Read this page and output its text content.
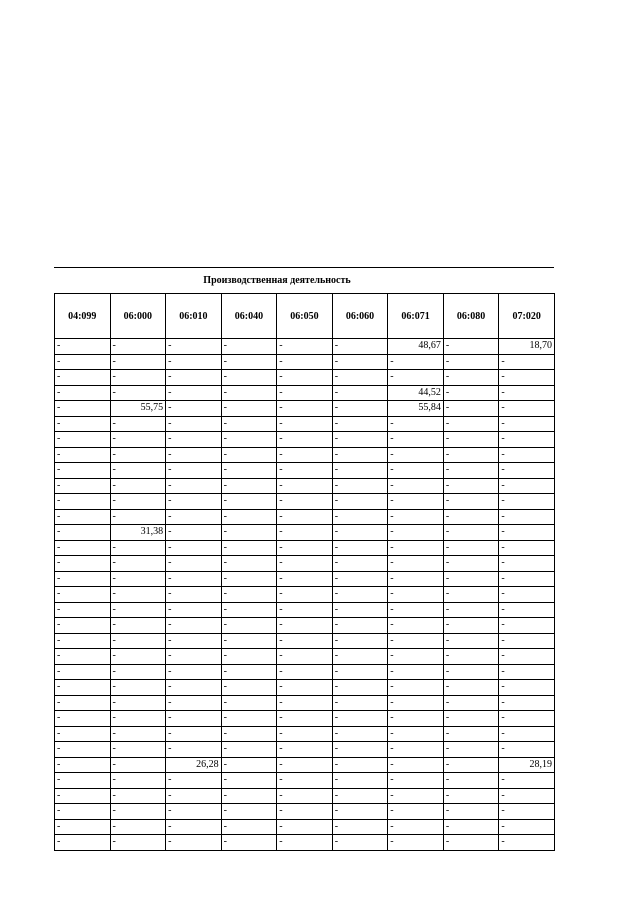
Производственная деятельность
04:099	06:000	06:010	06:040	06:050	06:060	06:071	06:080	07:020
-	-	-	-	-	-	48,67	-	18,70
-	-	-	-	-	-	-	-	-
-	-	-	-	-	-	-	-	-
-	-	-	-	-	-	44,52	-	-
-	55,75	-	-	-	-	55,84	-	-
-	-	-	-	-	-	-	-	-
-	-	-	-	-	-	-	-	-
-	-	-	-	-	-	-	-	-
-	-	-	-	-	-	-	-	-
-	-	-	-	-	-	-	-	-
-	-	-	-	-	-	-	-	-
-	-	-	-	-	-	-	-	-
-	31,38	-	-	-	-	-	-	-
-	-	-	-	-	-	-	-	-
-	-	-	-	-	-	-	-	-
-	-	-	-	-	-	-	-	-
-	-	-	-	-	-	-	-	-
-	-	-	-	-	-	-	-	-
-	-	-	-	-	-	-	-	-
-	-	-	-	-	-	-	-	-
-	-	-	-	-	-	-	-	-
-	-	-	-	-	-	-	-	-
-	-	-	-	-	-	-	-	-
-	-	-	-	-	-	-	-	-
-	-	-	-	-	-	-	-	-
-	-	-	-	-	-	-	-	-
-	-	-	-	-	-	-	-	-
-	-	26,28	-	-	-	-	-	28,19
-	-	-	-	-	-	-	-	-
-	-	-	-	-	-	-	-	-
-	-	-	-	-	-	-	-	-
-	-	-	-	-	-	-	-	-
-	-	-	-	-	-	-	-	-
